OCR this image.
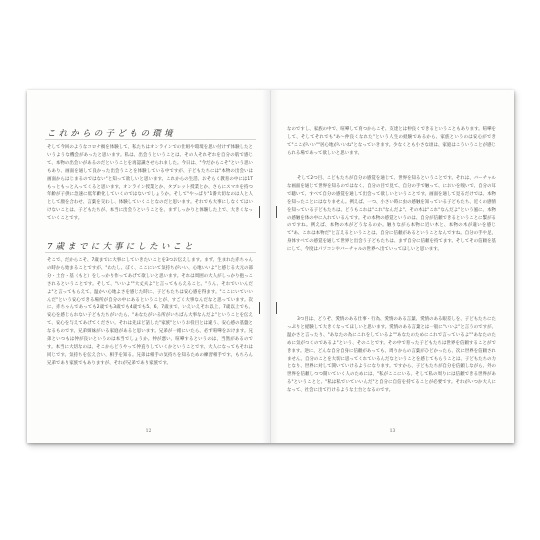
これからの子どもの環境
そして今回のようなコロナ禍を体験して、私たちはオンラインでの仕組や環境を思い付けず体験したというような機会があったと思います。私は、出会うということは、その人それぞれを自分の肌で感じて、本物の出会いがあるのだということを再認識させられました。今日は、"今だからこそ"という思いもあり、画面を通して良かった出会うことを体験している中ですが、子どもたちには"本物の出会いは画面からはじまるのではない"と知って欲しいと思います。これからの生活、おそらく教育の中には1Tもっともっと入ってくると思います。オンライン授業とか、タブレット授業とか、さらにスマホを持つ年齢が子供に急速に低年齢化していくのではないでしょうか。そして"やっぱり"1番大切なのは人と人として顔を合わせ、言葉を交わし、体験していくことなのだと思います。それでも大事にしなくてはいけないことは、子どもたちが、本当に出会うということを、まずしっかりと体験した上で、大きくなっていくことです。
7歳までに大事にしたいこと
そこで、だからこそ、7歳までに大事にしていきたいことを3つお伝えします。まず、生まれた赤ちゃんの時から始まることですが、"わたし、ぼく、ここにいて気持ちがいい、心地いいよ"と感じる大元の部分・土台・基（もと）をしっかり作ってあげて欲しいと思います。それは周囲の大人がしっかり抱っこされるということです。そして、"いいよ""大丈夫よ"と言ってもらえること。"うん、それでいいんだよ"と言ってもらえて、温かい心地よさを感じた時に、子どもたちは安心感を得ます。"ここにいていいんだ"という安心できる場所が自分の中にあるということが、すごく大事なんだなと思っています。次に、赤ちゃんであっても2歳でも3歳でも4歳でも5、6、7歳まで、いえいえそれ以上、7歳以上でも、安心を感じられない子どもたちがいたら、"あなたがいる所がいちばん大事なんだよ"ということを伝えて、安心を与えてあげてください。それは先ほど話した"家族"というお役目とは違う、安心感の基盤となるものです。兄弟姉妹がいる家庭があると思います。兄弟が一緒にいたら、必ず喧嘩をおけます。兄弟といつもは仲が良いというのは本当でしょうか。仲が悪い、喧嘩するというのは、当然があるのです。本当に大切なのは、そこからどうやって仲直りしていくかということです。大人になってもそれは同じです。気持ちを伝え合い、相手を知る。兄弟は相手の気持ちを知るための練習相手です。もちろん兄弟であり家族でもありますが、それが兄弟であり家族です。
12
なのですし、家族の中で、喧嘩して育つからこそ、友達とは仲良くできるということもあります。喧嘩をして、そしてそれでも"あ～仲良くなれた"という人生の経験であるから、家族というのは安心ができて"ここがいい""居心地がいいね"となっていきます。少なくとも小さな頃は、家庭はこういうことが感じられる場であって欲しいと思います。
そして2つ目、こどもたちが自分の感覚を通じて、世界を知るということです。それは、バーチャルな画面を通じて世界を知るのではなく、自分の目で見て、自分の手で触って、においを嗅いで、自分の耳で聴いて、すべて自分の感覚を通して出会って欲しいということです。画面を通して見るだけでは、本物を知ったことにはなりません。例えば、一つ、小さい時に虫の感触を知っている子どもたち、近くの感情を知っている子どもたちは、どうもこれは"これ"なんだよ"、その木は"これ"なんだよ"という風に、本物の感触を体の中に入れているんです。その本物の感覚というのは、自分が信頼できるということに繋がるのですね。例えば、本物の木がどうなるのか。触りながら本物に近い木と、本物の木が違いを感じて"あ、これは本物だ"と言えるということは、自分に信頼があるということなんですね。自分の手や足、身体すべての感覚を通して世界と出会う子どもたちは、まず自分に信頼を持てます。そしてその信頼を基にして、今度はパソコンやバーチャルの世界へ出ていってほしいと思います。
3つ目は、どうぞ、愛情のある仕事・行為、愛情のある言葉、愛情のある眼差しを、子どもたちにたっぷりと経験して大きくなってほしいと思います。愛情のある言葉とは一般に"いいよ"と言うのですが、温かさと言ったり、"あなたの為にこれをしているよ""あなたのためにこれで言っているよ""あなたのために気がつくのであるよ"という、そのことです。その中で育った子どもたちは世界を信頼することができます。逆に、どんな自分自身に信頼があっても、周りからの言葉がひどかったら、次に世界を信頼されません。自分のことを大切に思ってくれているんだなということを感じてもらうことは、子どもたちの力となり、世界に対して開いていけるようになります。ですから、子どもたちが自分を信頼しながら、外の世界を信頼しつつ開いていく人のためには、"私がここにいる、そして私の周りには信頼できる世界がある"ということと、"私は私でいていいんだ"と自分に自信を持てることが必要です。それがいつか大人になって、社会に出て行けるような土台となるのです。
13
